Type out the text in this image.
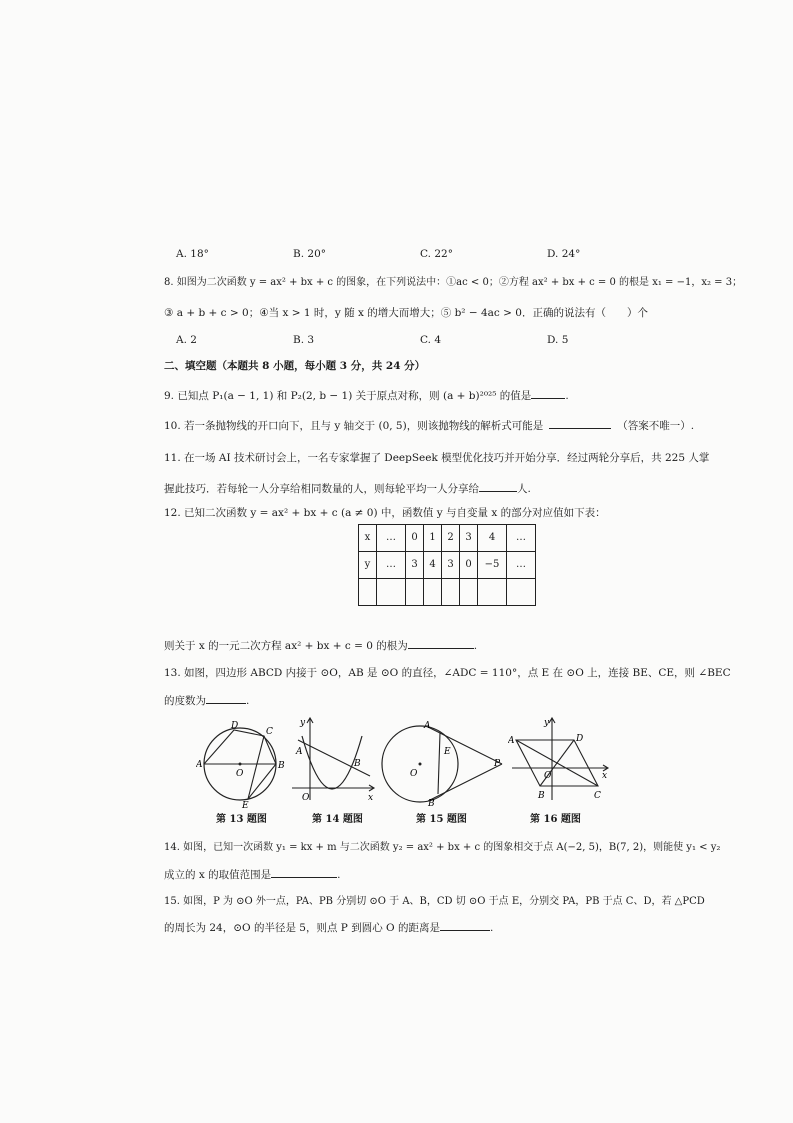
A. 18°	B. 20°	C. 22°	D. 24°
8. 如图为二次函数 y = ax² + bx + c 的图象，在下列说法中：①ac < 0；②方程 ax² + bx + c = 0 的根是 x₁ = −1，x₂ = 3；
③ a + b + c > 0；④当 x > 1 时，y 随 x 的增大而增大；⑤ b² − 4ac > 0．正确的说法有（　　）个
A. 2	B. 3	C. 4	D. 5
二、填空题（本题共 8 小题，每小题 3 分，共 24 分）
9. 已知点 P₁(a − 1, 1) 和 P₂(2, b − 1) 关于原点对称，则 (a + b)²⁰²⁵ 的值是	.
10. 若一条抛物线的开口向下，且与 y 轴交于 (0, 5)，则该抛物线的解析式可能是	（答案不唯一）.
11. 在一场 AI 技术研讨会上，一名专家掌握了 DeepSeek 模型优化技巧并开始分享．经过两轮分享后，共 225 人掌
握此技巧．若每轮一人分享给相同数量的人，则每轮平均一人分享给	人.
12. 已知二次函数 y = ax² + bx + c (a ≠ 0) 中，函数值 y 与自变量 x 的部分对应值如下表：
x	…	0	1	2	3	4	…
y	…	3	4	3	0	−5	…

则关于 x 的一元二次方程 ax² + bx + c = 0 的根为	.
13. 如图，四边形 ABCD 内接于 ⊙O，AB 是 ⊙O 的直径，∠ADC = 110°，点 E 在 ⊙O 上，连接 BE、CE，则 ∠BEC
的度数为	.
D
C
A
O
B
E
第 13 题图
y
A
B
O	x
第 14 题图
A
E
P
O
B
第 15 题图
y
A	D
O	x
B	C
第 16 题图
14. 如图，已知一次函数 y₁ = kx + m 与二次函数 y₂ = ax² + bx + c 的图象相交于点 A(−2, 5)，B(7, 2)，则能使 y₁ < y₂
成立的 x 的取值范围是	.
15. 如图，P 为 ⊙O 外一点，PA、PB 分别切 ⊙O 于 A、B，CD 切 ⊙O 于点 E，分别交 PA，PB 于点 C、D，若 △PCD
的周长为 24，⊙O 的半径是 5，则点 P 到圆心 O 的距离是	.
